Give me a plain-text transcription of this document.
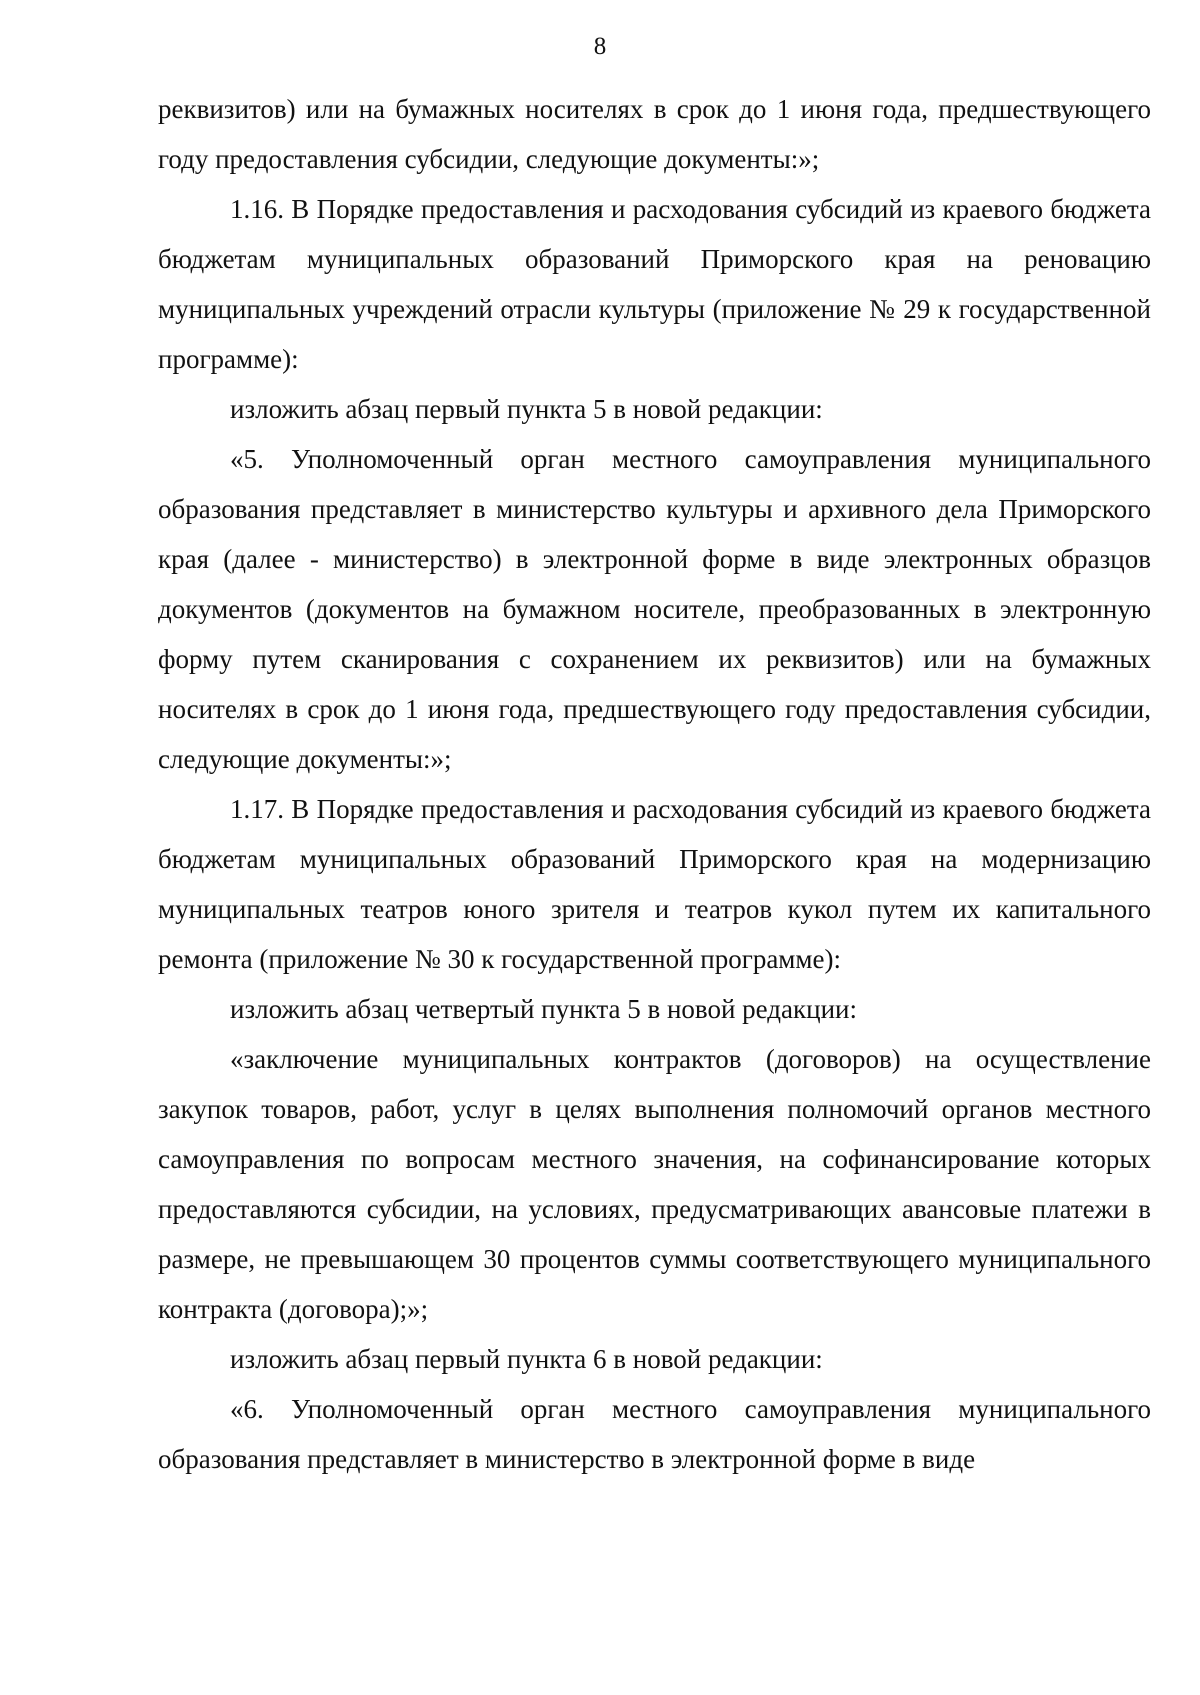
8

реквизитов) или на бумажных носителях в срок до 1 июня года, предшествующего году предоставления субсидии, следующие документы:»;

1.16. В Порядке предоставления и расходования субсидий из краевого бюджета бюджетам муниципальных образований Приморского края на реновацию муниципальных учреждений отрасли культуры (приложение № 29 к государственной программе):

изложить абзац первый пункта 5 в новой редакции:

«5. Уполномоченный орган местного самоуправления муниципального образования представляет в министерство культуры и архивного дела Приморского края (далее - министерство) в электронной форме в виде электронных образцов документов (документов на бумажном носителе, преобразованных в электронную форму путем сканирования с сохранением их реквизитов) или на бумажных носителях в срок до 1 июня года, предшествующего году предоставления субсидии, следующие документы:»;

1.17. В Порядке предоставления и расходования субсидий из краевого бюджета бюджетам муниципальных образований Приморского края на модернизацию муниципальных театров юного зрителя и театров кукол путем их капитального ремонта (приложение № 30 к государственной программе):

изложить абзац четвертый пункта 5 в новой редакции:

«заключение муниципальных контрактов (договоров) на осуществление закупок товаров, работ, услуг в целях выполнения полномочий органов местного самоуправления по вопросам местного значения, на софинансирование которых предоставляются субсидии, на условиях, предусматривающих авансовые платежи в размере, не превышающем 30 процентов суммы соответствующего муниципального контракта (договора);»;

изложить абзац первый пункта 6 в новой редакции:

«6. Уполномоченный орган местного самоуправления муниципального образования представляет в министерство в электронной форме в виде
